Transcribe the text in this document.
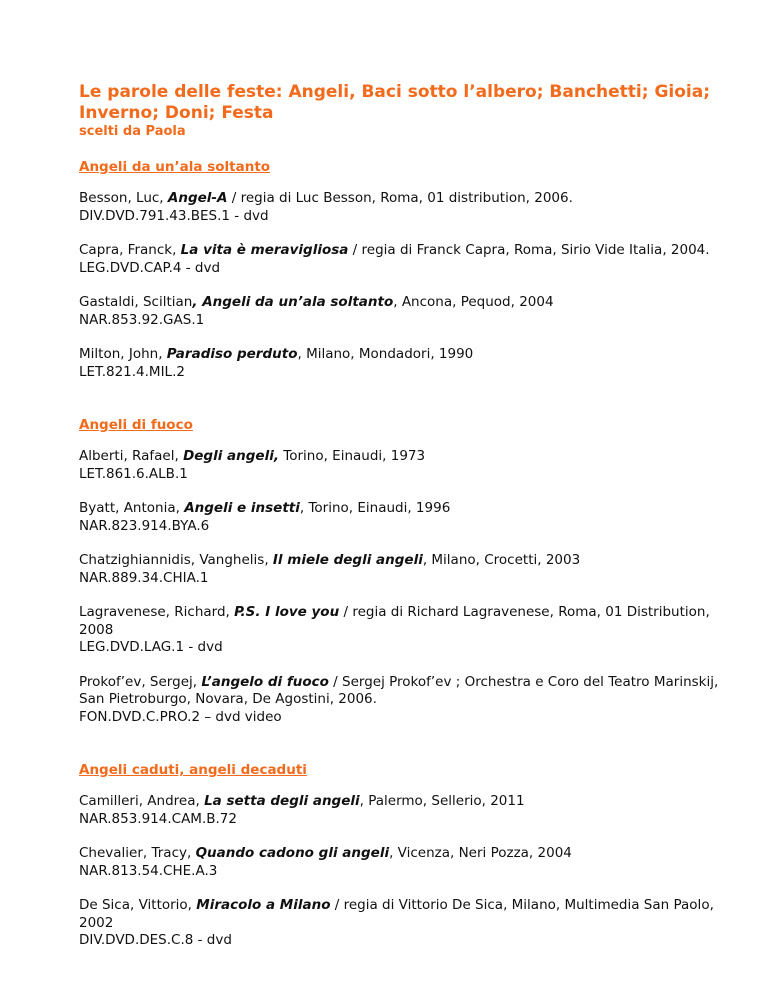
Le parole delle feste: Angeli, Baci sotto l’albero; Banchetti; Gioia; Inverno; Doni; Festa
scelti da Paola
Angeli da un’ala soltanto
Besson, Luc, Angel-A / regia di Luc Besson, Roma, 01 distribution, 2006.
DIV.DVD.791.43.BES.1 - dvd
Capra, Franck, La vita è meravigliosa / regia di Franck Capra, Roma, Sirio Vide Italia, 2004.
LEG.DVD.CAP.4 - dvd
Gastaldi, Sciltian, Angeli da un’ala soltanto, Ancona, Pequod, 2004
NAR.853.92.GAS.1
Milton, John, Paradiso perduto, Milano, Mondadori, 1990
LET.821.4.MIL.2
Angeli di fuoco
Alberti, Rafael, Degli angeli, Torino, Einaudi, 1973
LET.861.6.ALB.1
Byatt, Antonia, Angeli e insetti, Torino, Einaudi, 1996
NAR.823.914.BYA.6
Chatzighiannidis, Vanghelis, Il miele degli angeli, Milano, Crocetti, 2003
NAR.889.34.CHIA.1
Lagravenese, Richard, P.S. I love you / regia di Richard Lagravenese, Roma, 01 Distribution, 2008
LEG.DVD.LAG.1 - dvd
Prokof’ev, Sergej, L’angelo di fuoco / Sergej Prokof’ev ; Orchestra e Coro del Teatro Marinskij, San Pietroburgo, Novara, De Agostini, 2006.
FON.DVD.C.PRO.2 – dvd video
Angeli caduti, angeli decaduti
Camilleri, Andrea, La setta degli angeli, Palermo, Sellerio, 2011
NAR.853.914.CAM.B.72
Chevalier, Tracy, Quando cadono gli angeli, Vicenza, Neri Pozza, 2004
NAR.813.54.CHE.A.3
De Sica, Vittorio, Miracolo a Milano / regia di Vittorio De Sica, Milano, Multimedia San Paolo, 2002
DIV.DVD.DES.C.8 - dvd
